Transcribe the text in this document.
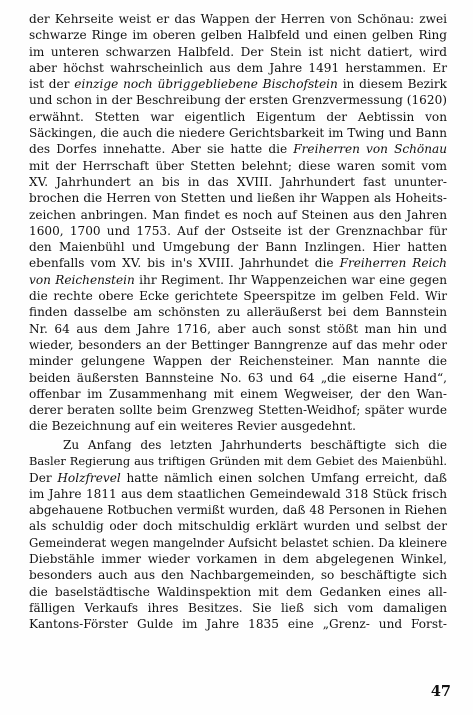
der Kehrseite weist er das Wappen der Herren von Schönau: zwei
schwarze Ringe im oberen gelben Halbfeld und einen gelben Ring
im unteren schwarzen Halbfeld. Der Stein ist nicht datiert, wird
aber höchst wahrscheinlich aus dem Jahre 1491 herstammen. Er
ist der einzige noch übriggebliebene Bischofstein in diesem Bezirk
und schon in der Beschreibung der ersten Grenzvermessung (1620)
erwähnt. Stetten war eigentlich Eigentum der Aebtissin von
Säckingen, die auch die niedere Gerichtsbarkeit im Twing und Bann
des Dorfes innehatte. Aber sie hatte die Freiherren von Schönau
mit der Herrschaft über Stetten belehnt; diese waren somit vom
XV. Jahrhundert an bis in das XVIII. Jahrhundert fast ununter-
brochen die Herren von Stetten und ließen ihr Wappen als Hoheits-
zeichen anbringen. Man findet es noch auf Steinen aus den Jahren
1600, 1700 und 1753. Auf der Ostseite ist der Grenznachbar für
den Maienbühl und Umgebung der Bann Inzlingen. Hier hatten
ebenfalls vom XV. bis in's XVIII. Jahrhundet die Freiherren Reich
von Reichenstein ihr Regiment. Ihr Wappenzeichen war eine gegen
die rechte obere Ecke gerichtete Speerspitze im gelben Feld. Wir
finden dasselbe am schönsten zu alleräußerst bei dem Bannstein
Nr. 64 aus dem Jahre 1716, aber auch sonst stößt man hin und
wieder, besonders an der Bettinger Banngrenze auf das mehr oder
minder gelungene Wappen der Reichensteiner. Man nannte die
beiden äußersten Bannsteine No. 63 und 64 „die eiserne Hand“,
offenbar im Zusammenhang mit einem Wegweiser, der den Wan-
derer beraten sollte beim Grenzweg Stetten-Weidhof; später wurde
die Bezeichnung auf ein weiteres Revier ausgedehnt.
Zu Anfang des letzten Jahrhunderts beschäftigte sich die
Basler Regierung aus triftigen Gründen mit dem Gebiet des Maienbühl.
Der Holzfrevel hatte nämlich einen solchen Umfang erreicht, daß
im Jahre 1811 aus dem staatlichen Gemeindewald 318 Stück frisch
abgehauene Rotbuchen vermißt wurden, daß 48 Personen in Riehen
als schuldig oder doch mitschuldig erklärt wurden und selbst der
Gemeinderat wegen mangelnder Aufsicht belastet schien. Da kleinere
Diebstähle immer wieder vorkamen in dem abgelegenen Winkel,
besonders auch aus den Nachbargemeinden, so beschäftigte sich
die baselstädtische Waldinspektion mit dem Gedanken eines all-
fälligen Verkaufs ihres Besitzes. Sie ließ sich vom damaligen
Kantons-Förster Gulde im Jahre 1835 eine „Grenz- und Forst-
47
